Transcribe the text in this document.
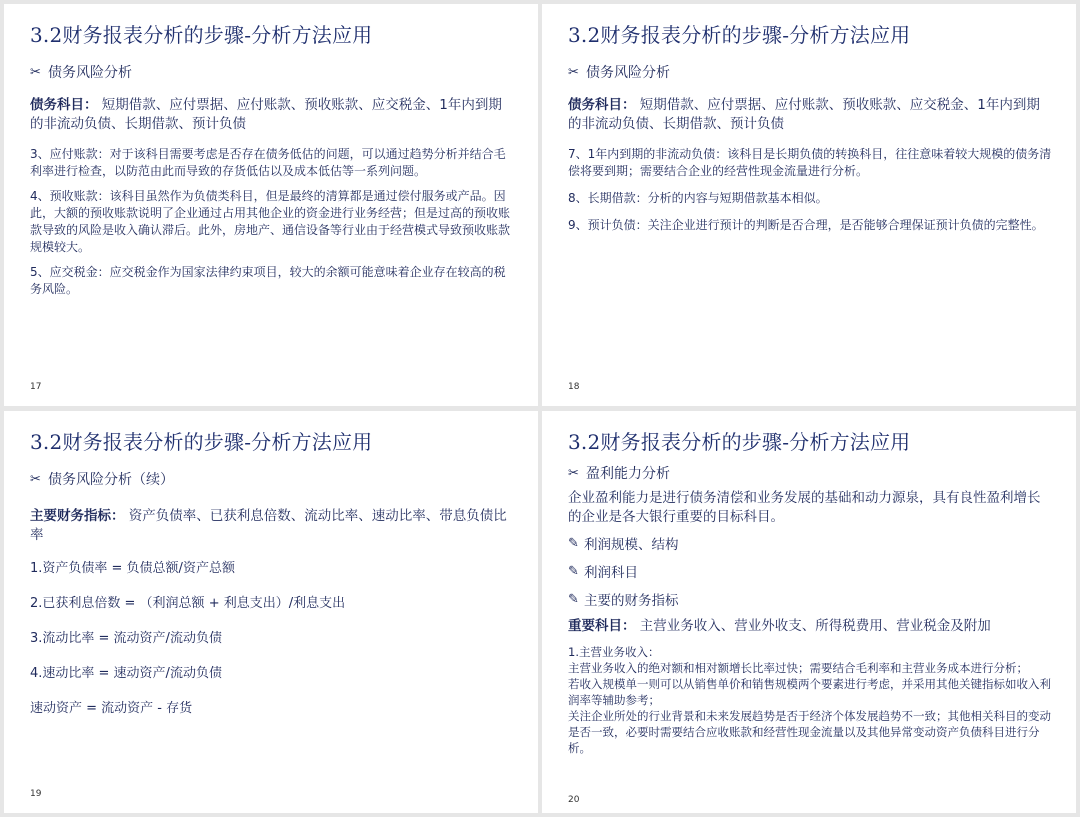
3.2财务报表分析的步骤-分析方法应用
✂ 债务风险分析
债务科目： 短期借款、应付票据、应付账款、预收账款、应交税金、1年内到期的非流动负债、长期借款、预计负债
3、应付账款：对于该科目需要考虑是否存在债务低估的问题，可以通过趋势分析并结合毛利率进行检查，以防范由此而导致的存货低估以及成本低估等一系列问题。
4、预收账款：该科目虽然作为负债类科目，但是最终的清算都是通过偿付服务或产品。因此，大额的预收账款说明了企业通过占用其他企业的资金进行业务经营；但是过高的预收账款导致的风险是收入确认滞后。此外，房地产、通信设备等行业由于经营模式导致预收账款规模较大。
5、应交税金：应交税金作为国家法律约束项目，较大的余额可能意味着企业存在较高的税务风险。
17
3.2财务报表分析的步骤-分析方法应用
✂ 债务风险分析
债务科目： 短期借款、应付票据、应付账款、预收账款、应交税金、1年内到期的非流动负债、长期借款、预计负债
7、1年内到期的非流动负债：该科目是长期负债的转换科目，往往意味着较大规模的债务清偿将要到期；需要结合企业的经营性现金流量进行分析。
8、长期借款：分析的内容与短期借款基本相似。
9、预计负债：关注企业进行预计的判断是否合理，是否能够合理保证预计负债的完整性。
18
3.2财务报表分析的步骤-分析方法应用
✂ 债务风险分析（续）
主要财务指标： 资产负债率、已获利息倍数、流动比率、速动比率、带息负债比率
1.资产负债率 = 负债总额/资产总额
2.已获利息倍数 = （利润总额 + 利息支出）/利息支出
3.流动比率 = 流动资产/流动负债
4.速动比率 = 速动资产/流动负债
速动资产 = 流动资产 - 存货
19
3.2财务报表分析的步骤-分析方法应用
✂ 盈利能力分析
企业盈利能力是进行债务清偿和业务发展的基础和动力源泉，具有良性盈利增长的企业是各大银行重要的目标科目。
✎ 利润规模、结构
✎ 利润科目
✎ 主要的财务指标
重要科目： 主营业务收入、营业外收支、所得税费用、营业税金及附加
1.主营业务收入：
主营业务收入的绝对额和相对额增长比率过快；需要结合毛利率和主营业务成本进行分析；
若收入规模单一则可以从销售单价和销售规模两个要素进行考虑，并采用其他关键指标如收入利润率等辅助参考；
关注企业所处的行业背景和未来发展趋势是否于经济个体发展趋势不一致；其他相关科目的变动是否一致，必要时需要结合应收账款和经营性现金流量以及其他异常变动资产负债科目进行分析。
20
